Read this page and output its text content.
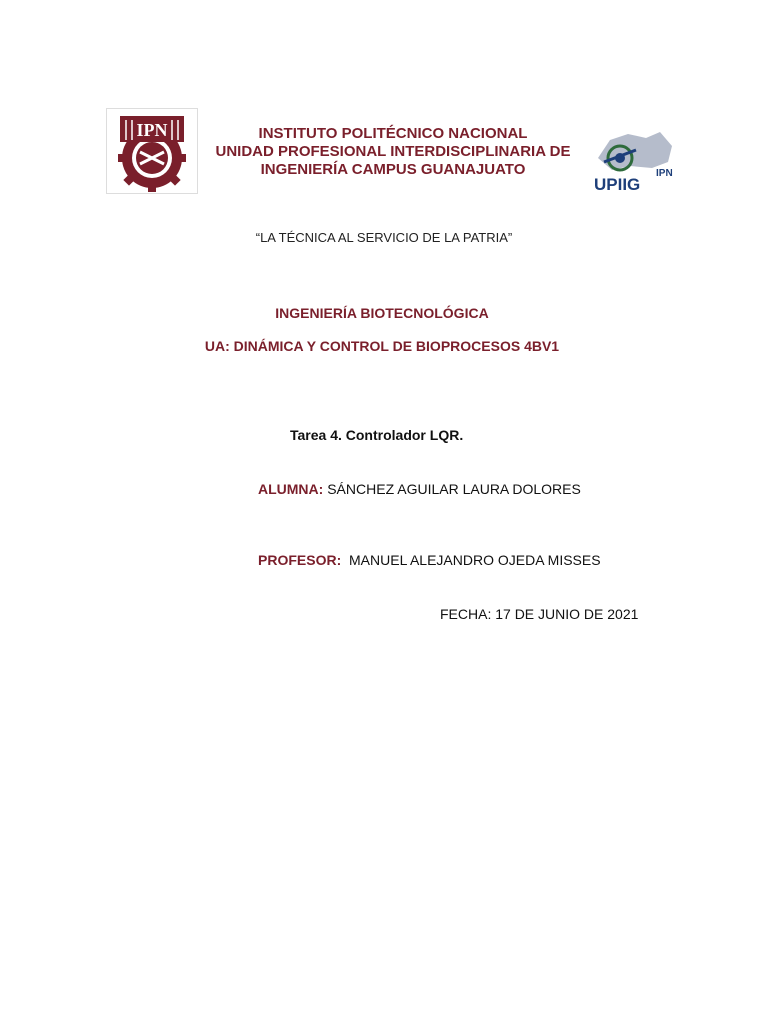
IPN	INSTITUTO POLITÉCNICO NACIONAL
UNIDAD PROFESIONAL INTERDISCIPLINARIA DE
INGENIERÍA CAMPUS GUANAJUATO	IPN
UPIIG
“LA TÉCNICA AL SERVICIO DE LA PATRIA”
INGENIERÍA BIOTECNOLÓGICA
UA: DINÁMICA Y CONTROL DE BIOPROCESOS 4BV1
Tarea 4. Controlador LQR.
ALUMNA: SÁNCHEZ AGUILAR LAURA DOLORES
PROFESOR:  MANUEL ALEJANDRO OJEDA MISSES
FECHA: 17 DE JUNIO DE 2021
